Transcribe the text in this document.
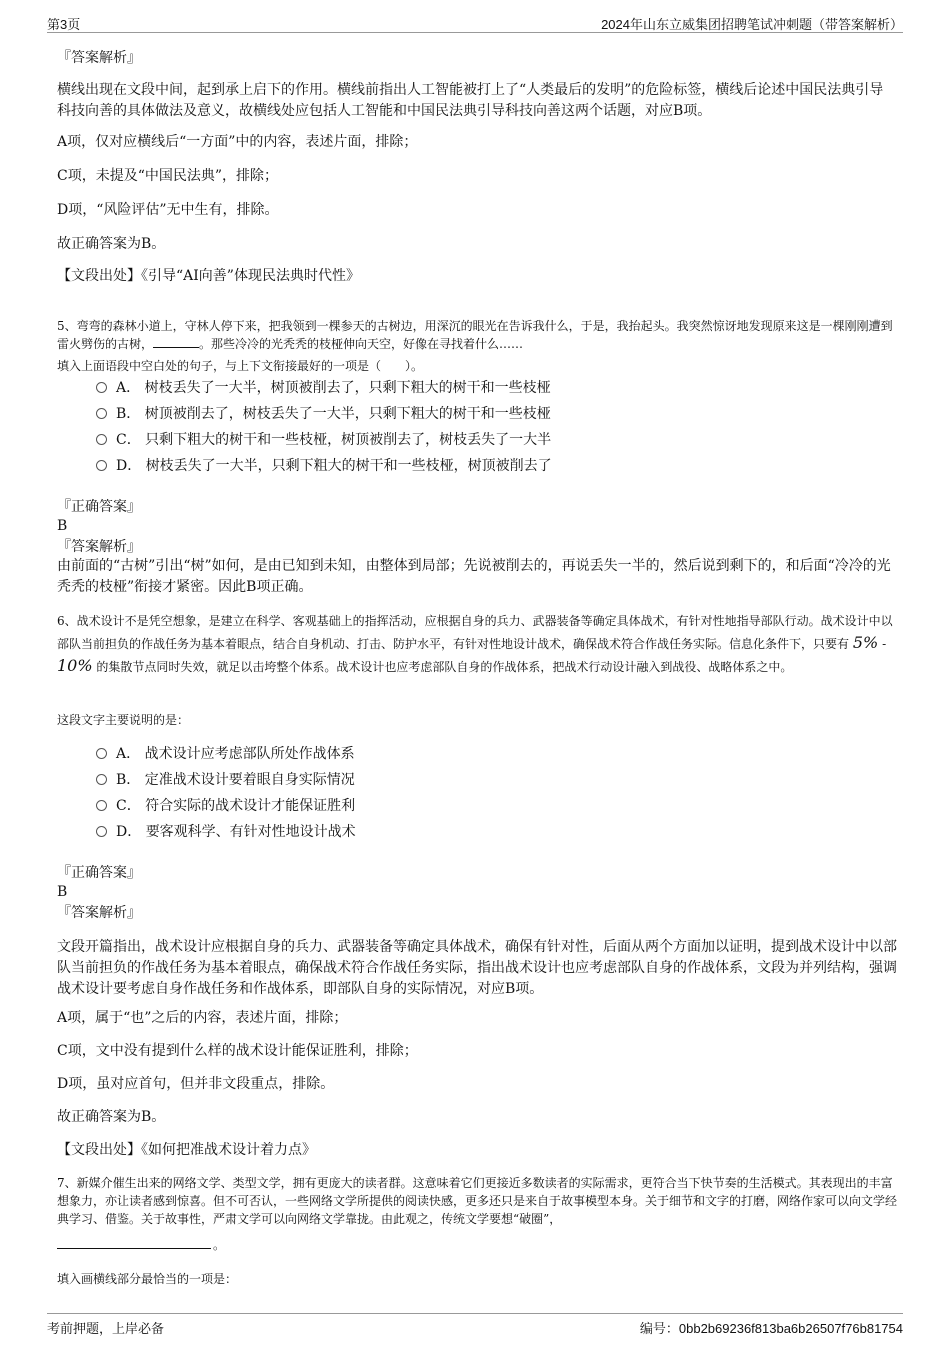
第3页	2024年山东立威集团招聘笔试冲刺题（带答案解析）

『答案解析』

横线出现在文段中间，起到承上启下的作用。横线前指出人工智能被打上了“人类最后的发明”的危险标签，横线后论述中国民法典引导科技向善的具体做法及意义，故横线处应包括人工智能和中国民法典引导科技向善这两个话题，对应B项。

A项，仅对应横线后“一方面”中的内容，表述片面，排除；

C项，未提及“中国民法典”，排除；

D项，“风险评估”无中生有，排除。

故正确答案为B。

【文段出处】《引导“AI向善”体现民法典时代性》

5、弯弯的森林小道上，守林人停下来，把我领到一棵参天的古树边，用深沉的眼光在告诉我什么，于是，我抬起头。我突然惊讶地发现原来这是一棵刚刚遭到雷火劈伤的古树，	。那些冷冷的光秃秃的枝桠伸向天空，好像在寻找着什么……

填入上面语段中空白处的句子，与上下文衔接最好的一项是（　　）。

A． 树枝丢失了一大半，树顶被削去了，只剩下粗大的树干和一些枝桠
B． 树顶被削去了，树枝丢失了一大半，只剩下粗大的树干和一些枝桠
C． 只剩下粗大的树干和一些枝桠，树顶被削去了，树枝丢失了一大半
D． 树枝丢失了一大半，只剩下粗大的树干和一些枝桠，树顶被削去了

『正确答案』

B

『答案解析』

由前面的“古树”引出“树”如何，是由已知到未知，由整体到局部；先说被削去的，再说丢失一半的，然后说到剩下的，和后面“冷冷的光秃秃的枝桠”衔接才紧密。因此B项正确。

6、战术设计不是凭空想象，是建立在科学、客观基础上的指挥活动，应根据自身的兵力、武器装备等确定具体战术，有针对性地指导部队行动。战术设计中以部队当前担负的作战任务为基本着眼点，结合自身机动、打击、防护水平，有针对性地设计战术，确保战术符合作战任务实际。信息化条件下，只要有 5% - 10% 的集散节点同时失效，就足以击垮整个体系。战术设计也应考虑部队自身的作战体系，把战术行动设计融入到战役、战略体系之中。

这段文字主要说明的是：

A． 战术设计应考虑部队所处作战体系
B． 定准战术设计要着眼自身实际情况
C． 符合实际的战术设计才能保证胜利
D． 要客观科学、有针对性地设计战术

『正确答案』

B

『答案解析』

文段开篇指出，战术设计应根据自身的兵力、武器装备等确定具体战术，确保有针对性，后面从两个方面加以证明，提到战术设计中以部队当前担负的作战任务为基本着眼点，确保战术符合作战任务实际，指出战术设计也应考虑部队自身的作战体系，文段为并列结构，强调战术设计要考虑自身作战任务和作战体系，即部队自身的实际情况，对应B项。

A项，属于“也”之后的内容，表述片面，排除；

C项，文中没有提到什么样的战术设计能保证胜利，排除；

D项，虽对应首句，但并非文段重点，排除。

故正确答案为B。

【文段出处】《如何把准战术设计着力点》

7、新媒介催生出来的网络文学、类型文学，拥有更庞大的读者群。这意味着它们更接近多数读者的实际需求，更符合当下快节奏的生活模式。其表现出的丰富想象力，亦让读者感到惊喜。但不可否认，一些网络文学所提供的阅读快感，更多还只是来自于故事模型本身。关于细节和文字的打磨，网络作家可以向文学经典学习、借鉴。关于故事性，严肃文学可以向网络文学靠拢。由此观之，传统文学要想“破圈”，

。

填入画横线部分最恰当的一项是：

考前押题，上岸必备	编号：0bb2b69236f813ba6b26507f76b81754
